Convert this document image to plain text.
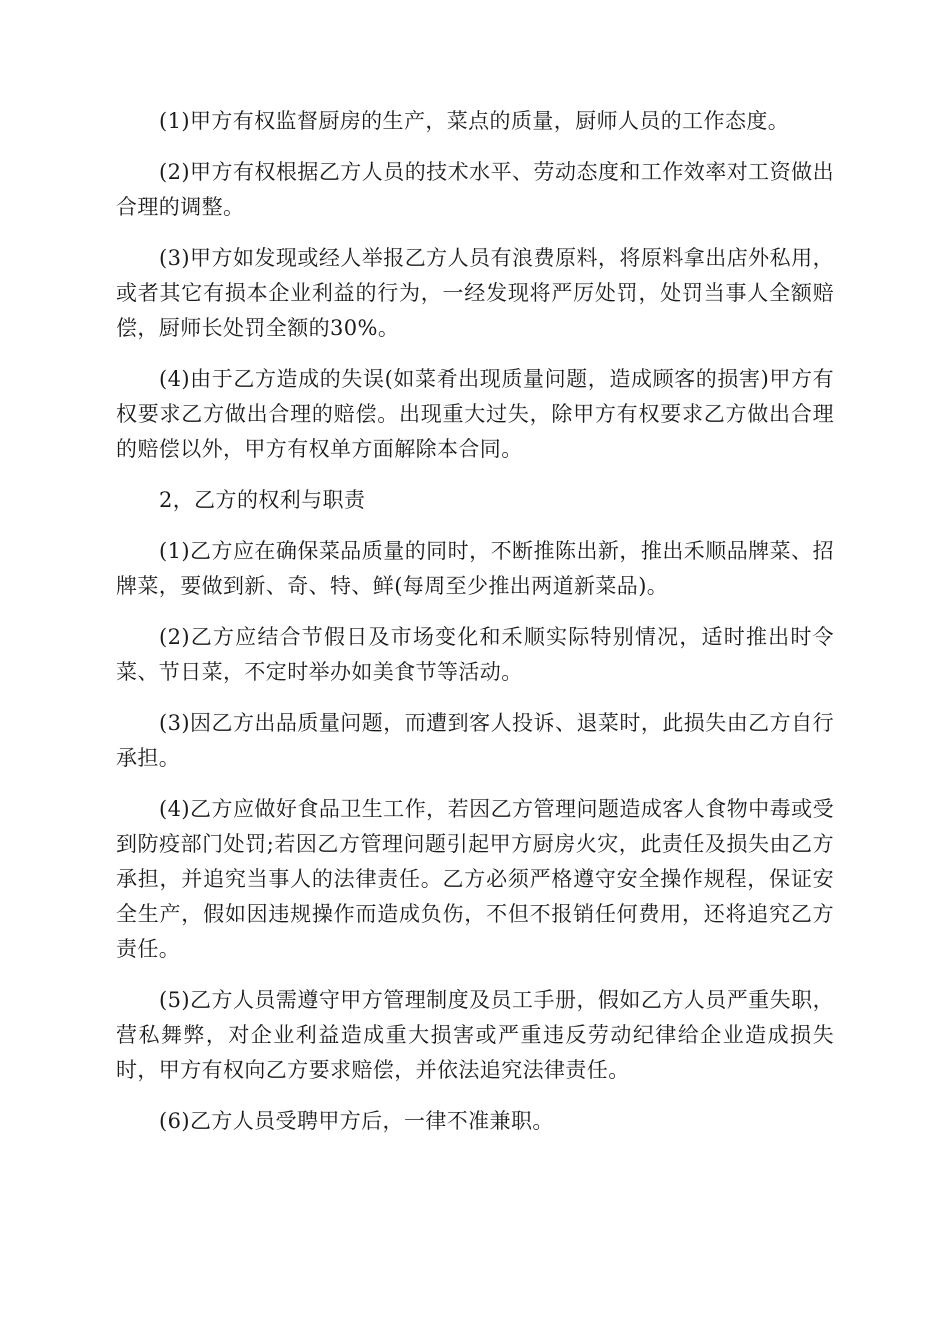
(1)甲方有权监督厨房的生产，菜点的质量，厨师人员的工作态度。

(2)甲方有权根据乙方人员的技术水平、劳动态度和工作效率对工资做出合理的调整。

(3)甲方如发现或经人举报乙方人员有浪费原料，将原料拿出店外私用，或者其它有损本企业利益的行为，一经发现将严厉处罚，处罚当事人全额赔偿，厨师长处罚全额的30%。

(4)由于乙方造成的失误(如菜肴出现质量问题，造成顾客的损害)甲方有权要求乙方做出合理的赔偿。出现重大过失，除甲方有权要求乙方做出合理的赔偿以外，甲方有权单方面解除本合同。

2，乙方的权利与职责

(1)乙方应在确保菜品质量的同时，不断推陈出新，推出禾顺品牌菜、招牌菜，要做到新、奇、特、鲜(每周至少推出两道新菜品)。

(2)乙方应结合节假日及市场变化和禾顺实际特别情况，适时推出时令菜、节日菜，不定时举办如美食节等活动。

(3)因乙方出品质量问题，而遭到客人投诉、退菜时，此损失由乙方自行承担。

(4)乙方应做好食品卫生工作，若因乙方管理问题造成客人食物中毒或受到防疫部门处罚;若因乙方管理问题引起甲方厨房火灾，此责任及损失由乙方承担，并追究当事人的法律责任。乙方必须严格遵守安全操作规程，保证安全生产，假如因违规操作而造成负伤，不但不报销任何费用，还将追究乙方责任。

(5)乙方人员需遵守甲方管理制度及员工手册，假如乙方人员严重失职，营私舞弊，对企业利益造成重大损害或严重违反劳动纪律给企业造成损失时，甲方有权向乙方要求赔偿，并依法追究法律责任。

(6)乙方人员受聘甲方后，一律不准兼职。
